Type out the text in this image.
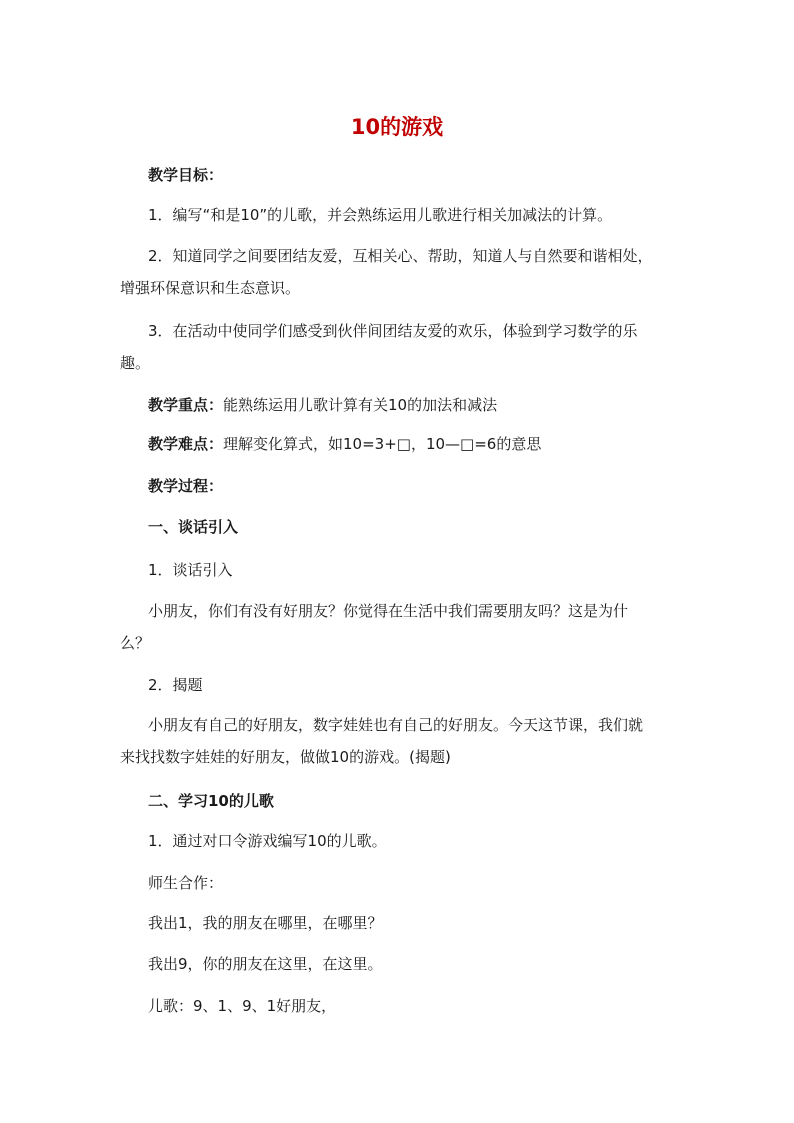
10的游戏

教学目标：

1．编写“和是10”的儿歌，并会熟练运用儿歌进行相关加减法的计算。

2．知道同学之间要团结友爱，互相关心、帮助，知道人与自然要和谐相处，
增强环保意识和生态意识。
3．在活动中使同学们感受到伙伴间团结友爱的欢乐，体验到学习数学的乐
趣。

教学重点：能熟练运用儿歌计算有关10的加法和减法

教学难点：理解变化算式，如10=3+□，10—□=6的意思

教学过程：

一、谈话引入

1．谈话引入

小朋友，你们有没有好朋友？你觉得在生活中我们需要朋友吗？这是为什
么？

2．揭题

小朋友有自己的好朋友，数字娃娃也有自己的好朋友。今天这节课，我们就
来找找数字娃娃的好朋友，做做10的游戏。(揭题)

二、学习10的儿歌

1．通过对口令游戏编写10的儿歌。

师生合作：

我出1，我的朋友在哪里，在哪里？

我出9，你的朋友在这里，在这里。

儿歌：9、1、9、1好朋友，
